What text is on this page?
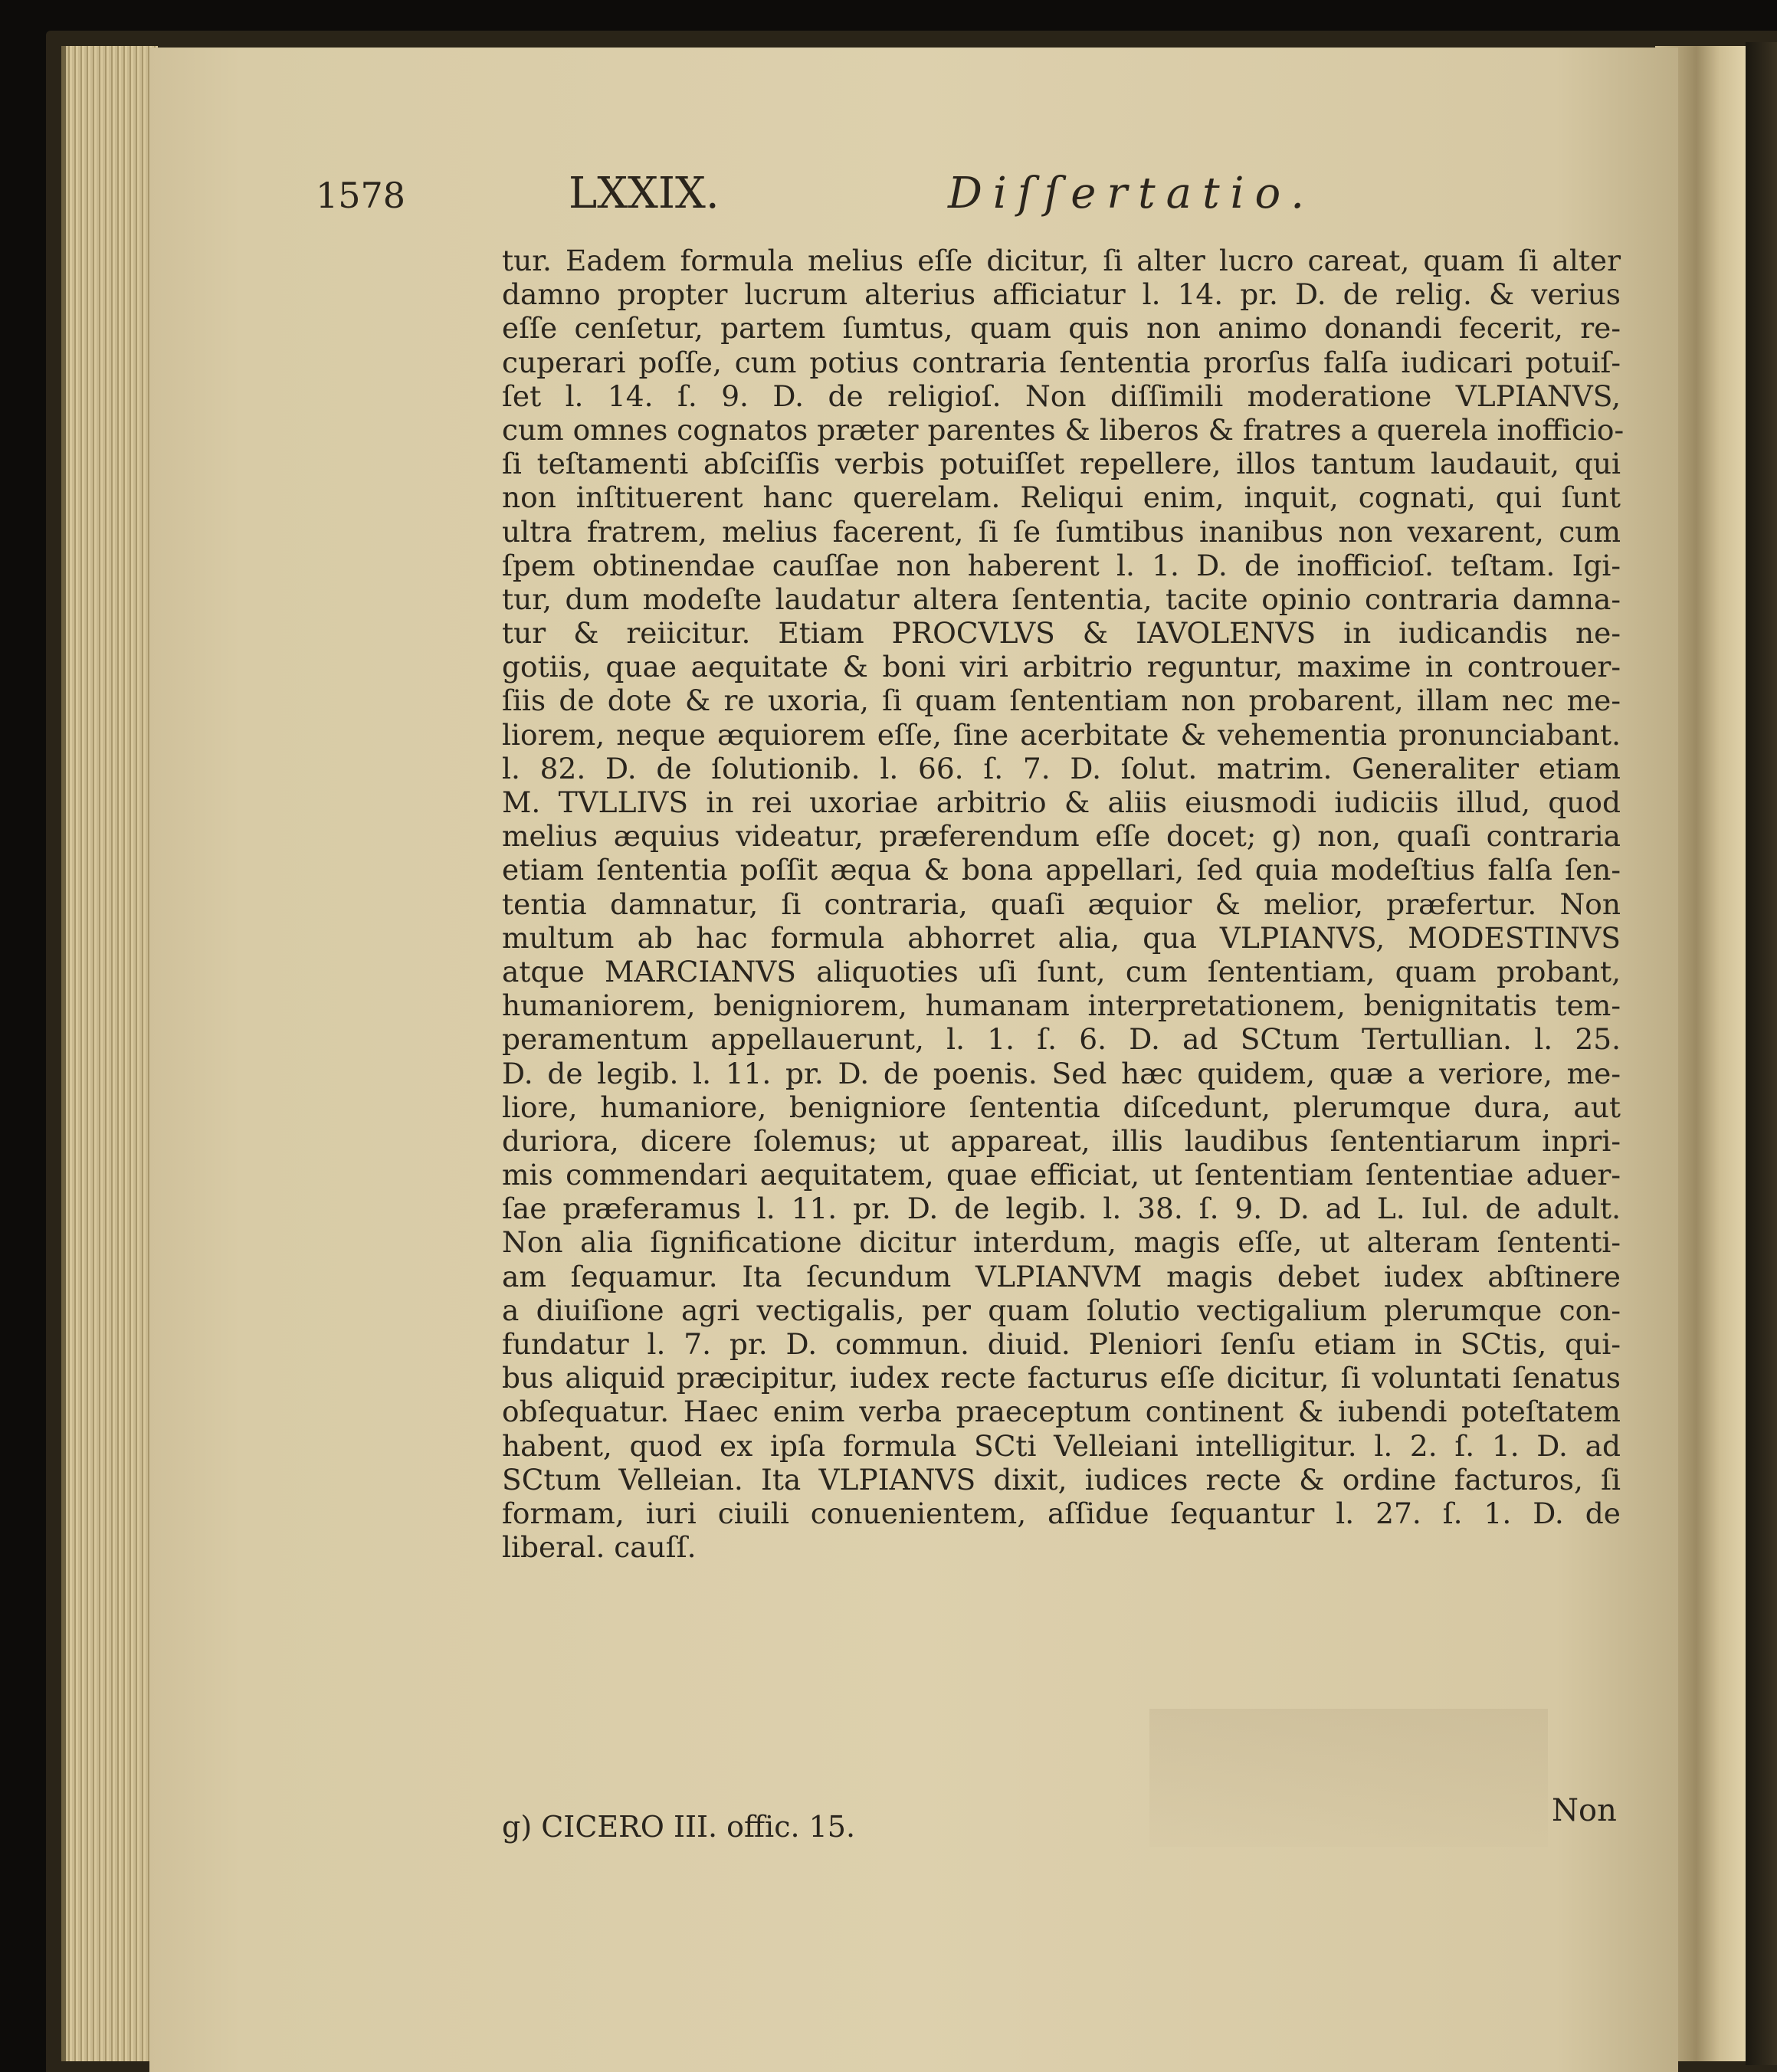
1578	LXXIX.	Diſſertatio.
tur. Eadem formula melius eſſe dicitur, ſi alter lucro careat, quam ſi alter
damno propter lucrum alterius afficiatur l. 14. pr. D. de relig. & verius
eſſe cenſetur, partem ſumtus, quam quis non animo donandi fecerit, re-
cuperari poſſe, cum potius contraria ſententia prorſus falſa iudicari potuiſ-
ſet l. 14. ſ. 9. D. de religioſ. Non diſſimili moderatione VLPIANVS,
cum omnes cognatos præter parentes & liberos & fratres a querela inofficio-
ſi teſtamenti abſciſſis verbis potuiſſet repellere, illos tantum laudauit, qui
non inſtituerent hanc querelam. Reliqui enim, inquit, cognati, qui ſunt
ultra fratrem, melius facerent, ſi ſe ſumtibus inanibus non vexarent, cum
ſpem obtinendae cauſſae non haberent l. 1. D. de inofficioſ. teſtam. Igi-
tur, dum modeſte laudatur altera ſententia, tacite opinio contraria damna-
tur & reiicitur. Etiam PROCVLVS & IAVOLENVS in iudicandis ne-
gotiis, quae aequitate & boni viri arbitrio reguntur, maxime in controuer-
ſiis de dote & re uxoria, ſi quam ſententiam non probarent, illam nec me-
liorem, neque æquiorem eſſe, ſine acerbitate & vehementia pronunciabant.
l. 82. D. de ſolutionib. l. 66. ſ. 7. D. ſolut. matrim. Generaliter etiam
M. TVLLIVS in rei uxoriae arbitrio & aliis eiusmodi iudiciis illud, quod
melius æquius videatur, præferendum eſſe docet; g) non, quaſi contraria
etiam ſententia poſſit æqua & bona appellari, ſed quia modeſtius falſa ſen-
tentia damnatur, ſi contraria, quaſi æquior & melior, præfertur. Non
multum ab hac formula abhorret alia, qua VLPIANVS, MODESTINVS
atque MARCIANVS aliquoties uſi ſunt, cum ſententiam, quam probant,
humaniorem, benigniorem, humanam interpretationem, benignitatis tem-
peramentum appellauerunt, l. 1. ſ. 6. D. ad SCtum Tertullian. l. 25.
D. de legib. l. 11. pr. D. de poenis. Sed hæc quidem, quæ a veriore, me-
liore, humaniore, benigniore ſententia diſcedunt, plerumque dura, aut
duriora, dicere ſolemus; ut appareat, illis laudibus ſententiarum inpri-
mis commendari aequitatem, quae efficiat, ut ſententiam ſententiae aduer-
ſae præferamus l. 11. pr. D. de legib. l. 38. ſ. 9. D. ad L. Iul. de adult.
Non alia ſignificatione dicitur interdum, magis eſſe, ut alteram ſententi-
am ſequamur. Ita ſecundum VLPIANVM magis debet iudex abſtinere
a diuiſione agri vectigalis, per quam ſolutio vectigalium plerumque con-
fundatur l. 7. pr. D. commun. diuid. Pleniori ſenſu etiam in SCtis, qui-
bus aliquid præcipitur, iudex recte facturus eſſe dicitur, ſi voluntati ſenatus
obſequatur. Haec enim verba praeceptum continent & iubendi poteſtatem
habent, quod ex ipſa formula SCti Velleiani intelligitur. l. 2. ſ. 1. D. ad
SCtum Velleian. Ita VLPIANVS dixit, iudices recte & ordine facturos, ſi
formam, iuri ciuili conuenientem, aſſidue ſequantur l. 27. ſ. 1. D. de
liberal. cauſſ.
g) CICERO III. offic. 15.	Non
